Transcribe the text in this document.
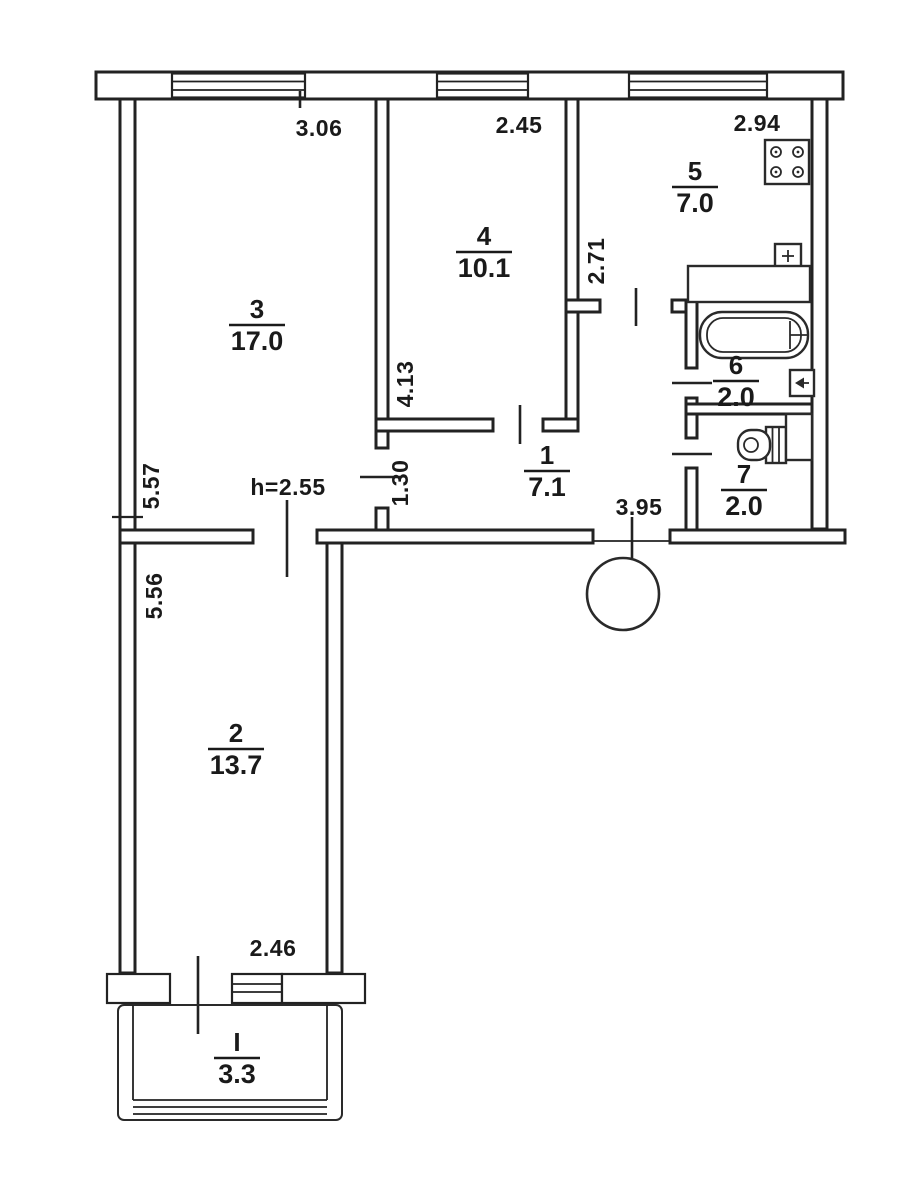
3.06	2.45	2.94
2.71
4.13
1.30
5.57
5.56
h=2.55
3.95
2.46
3
17.0
4
10.1
5
7.0
1
7.1
6
2.0
7
2.0
2
13.7
I
3.3
